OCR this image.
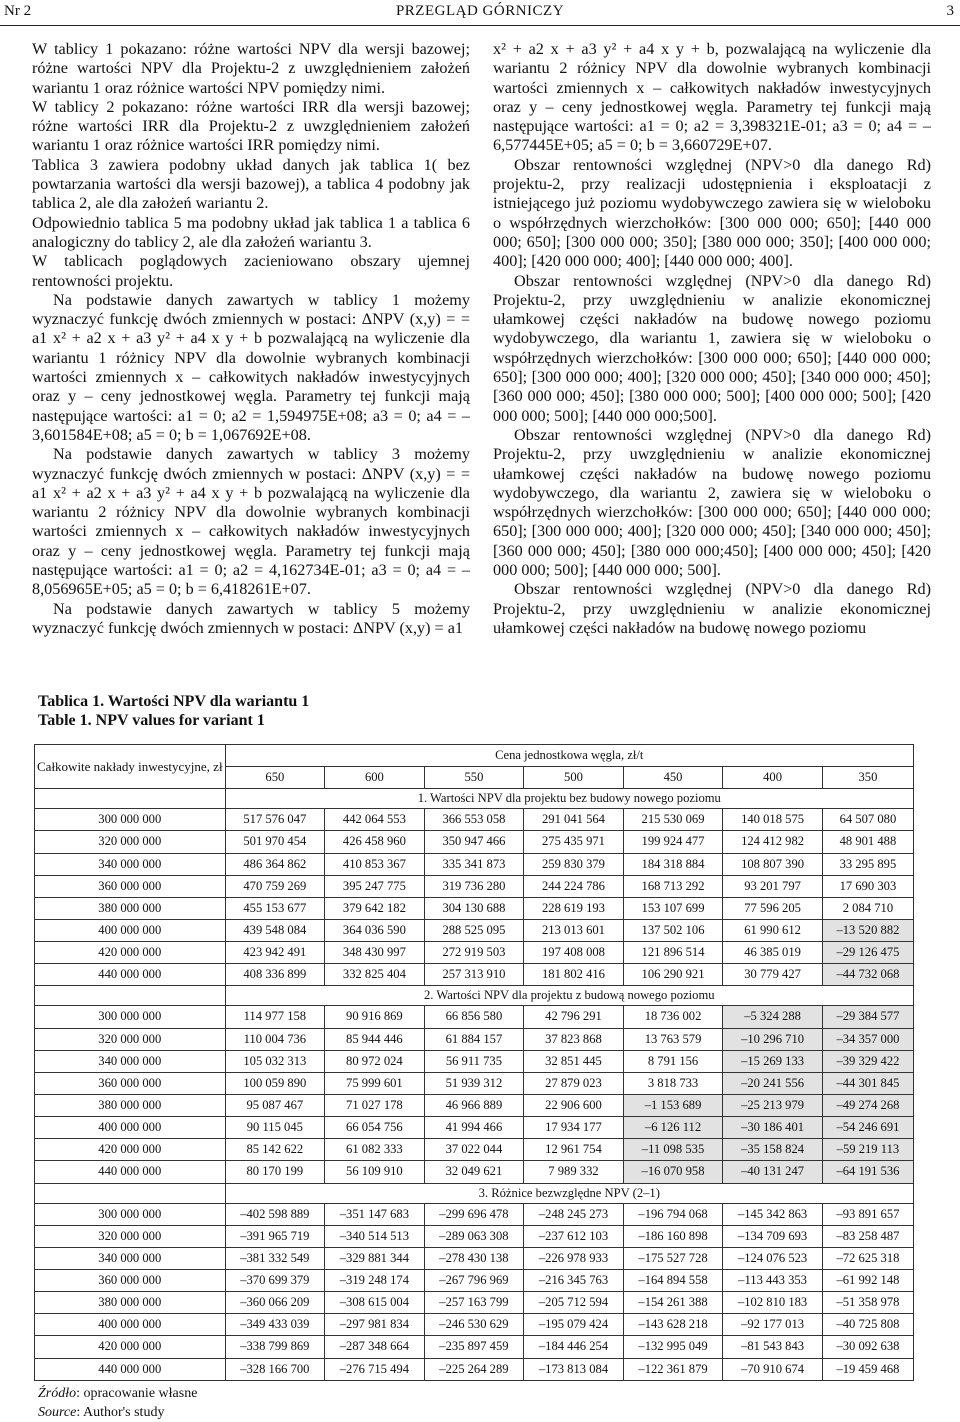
Nr 2	PRZEGLĄD GÓRNICZY	3

W tablicy 1 pokazano: różne wartości NPV dla wersji bazowej; różne wartości NPV dla Projektu-2 z uwzględnieniem założeń wariantu 1 oraz różnice wartości NPV pomiędzy nimi.

W tablicy 2 pokazano: różne wartości IRR dla wersji bazowej; różne wartości IRR dla Projektu-2 z uwzględnieniem założeń wariantu 1 oraz różnice wartości IRR pomiędzy nimi.

Tablica 3 zawiera podobny układ danych jak tablica 1( bez powtarzania wartości dla wersji bazowej), a tablica 4 podobny jak tablica 2, ale dla założeń wariantu 2.

Odpowiednio tablica 5 ma podobny układ jak tablica 1 a tablica 6 analogiczny do tablicy 2, ale dla założeń wariantu 3.

W tablicach poglądowych zacieniowano obszary ujemnej rentowności projektu.

Na podstawie danych zawartych w tablicy 1 możemy wyznaczyć funkcję dwóch zmiennych w postaci: ΔNPV (x,y) = = a1 x² + a2 x + a3 y² + a4 x y + b pozwalającą na wyliczenie dla wariantu 1 różnicy NPV dla dowolnie wybranych kombinacji wartości zmiennych x – całkowitych nakładów inwestycyjnych oraz y – ceny jednostkowej węgla. Parametry tej funkcji mają następujące wartości: a1 = 0; a2 = 1,594975E+08; a3 = 0; a4 = –3,601584E+08; a5 = 0; b = 1,067692E+08.

Na podstawie danych zawartych w tablicy 3 możemy wyznaczyć funkcję dwóch zmiennych w postaci: ΔNPV (x,y) = = a1 x² + a2 x + a3 y² + a4 x y + b pozwalającą na wyliczenie dla wariantu 2 różnicy NPV dla dowolnie wybranych kombinacji wartości zmiennych x – całkowitych nakładów inwestycyjnych oraz y – ceny jednostkowej węgla. Parametry tej funkcji mają następujące wartości: a1 = 0; a2 = 4,162734E-01; a3 = 0; a4 = – 8,056965E+05; a5 = 0; b = 6,418261E+07.

Na podstawie danych zawartych w tablicy 5 możemy wyznaczyć funkcję dwóch zmiennych w postaci: ΔNPV (x,y) = a1

x² + a2 x + a3 y² + a4 x y + b, pozwalającą na wyliczenie dla wariantu 2 różnicy NPV dla dowolnie wybranych kombinacji wartości zmiennych x – całkowitych nakładów inwestycyjnych oraz y – ceny jednostkowej węgla. Parametry tej funkcji mają następujące wartości: a1 = 0; a2 = 3,398321E-01; a3 = 0; a4 = –6,577445E+05; a5 = 0; b = 3,660729E+07.

Obszar rentowności względnej (NPV>0 dla danego Rd) projektu-2, przy realizacji udostępnienia i eksploatacji z istniejącego już poziomu wydobywczego zawiera się w wieloboku o współrzędnych wierzchołków: [300 000 000; 650]; [440 000 000; 650]; [300 000 000; 350]; [380 000 000; 350]; [400 000 000; 400]; [420 000 000; 400]; [440 000 000; 400].

Obszar rentowności względnej (NPV>0 dla danego Rd) Projektu-2, przy uwzględnieniu w analizie ekonomicznej ułamkowej części nakładów na budowę nowego poziomu wydobywczego, dla wariantu 1, zawiera się w wieloboku o współrzędnych wierzchołków: [300 000 000; 650]; [440 000 000; 650]; [300 000 000; 400]; [320 000 000; 450]; [340 000 000; 450]; [360 000 000; 450]; [380 000 000; 500]; [400 000 000; 500]; [420 000 000; 500]; [440 000 000;500].

Obszar rentowności względnej (NPV>0 dla danego Rd) Projektu-2, przy uwzględnieniu w analizie ekonomicznej ułamkowej części nakładów na budowę nowego poziomu wydobywczego, dla wariantu 2, zawiera się w wieloboku o współrzędnych wierzchołków: [300 000 000; 650]; [440 000 000; 650]; [300 000 000; 400]; [320 000 000; 450]; [340 000 000; 450]; [360 000 000; 450]; [380 000 000;450]; [400 000 000; 450]; [420 000 000; 500]; [440 000 000; 500].

Obszar rentowności względnej (NPV>0 dla danego Rd) Projektu-2, przy uwzględnieniu w analizie ekonomicznej ułamkowej części nakładów na budowę nowego poziomu

Tablica 1. Wartości NPV dla wariantu 1
Table 1. NPV values for variant 1
Całkowite nakłady inwestycyjne, zł	Cena jednostkowa węgla, zł/t						
	650	600	550	500	450	400	350
	1. Wartości NPV dla projektu bez budowy nowego poziomu						
300 000 000	517 576 047	442 064 553	366 553 058	291 041 564	215 530 069	140 018 575	64 507 080
320 000 000	501 970 454	426 458 960	350 947 466	275 435 971	199 924 477	124 412 982	48 901 488
340 000 000	486 364 862	410 853 367	335 341 873	259 830 379	184 318 884	108 807 390	33 295 895
360 000 000	470 759 269	395 247 775	319 736 280	244 224 786	168 713 292	93 201 797	17 690 303
380 000 000	455 153 677	379 642 182	304 130 688	228 619 193	153 107 699	77 596 205	2 084 710
400 000 000	439 548 084	364 036 590	288 525 095	213 013 601	137 502 106	61 990 612	–13 520 882
420 000 000	423 942 491	348 430 997	272 919 503	197 408 008	121 896 514	46 385 019	–29 126 475
440 000 000	408 336 899	332 825 404	257 313 910	181 802 416	106 290 921	30 779 427	–44 732 068
	2. Wartości NPV dla projektu z budową nowego poziomu						
300 000 000	114 977 158	90 916 869	66 856 580	42 796 291	18 736 002	–5 324 288	–29 384 577
320 000 000	110 004 736	85 944 446	61 884 157	37 823 868	13 763 579	–10 296 710	–34 357 000
340 000 000	105 032 313	80 972 024	56 911 735	32 851 445	8 791 156	–15 269 133	–39 329 422
360 000 000	100 059 890	75 999 601	51 939 312	27 879 023	3 818 733	–20 241 556	–44 301 845
380 000 000	95 087 467	71 027 178	46 966 889	22 906 600	–1 153 689	–25 213 979	–49 274 268
400 000 000	90 115 045	66 054 756	41 994 466	17 934 177	–6 126 112	–30 186 401	–54 246 691
420 000 000	85 142 622	61 082 333	37 022 044	12 961 754	–11 098 535	–35 158 824	–59 219 113
440 000 000	80 170 199	56 109 910	32 049 621	7 989 332	–16 070 958	–40 131 247	–64 191 536
	3. Różnice bezwzględne NPV (2–1)						
300 000 000	–402 598 889	–351 147 683	–299 696 478	–248 245 273	–196 794 068	–145 342 863	–93 891 657
320 000 000	–391 965 719	–340 514 513	–289 063 308	–237 612 103	–186 160 898	–134 709 693	–83 258 487
340 000 000	–381 332 549	–329 881 344	–278 430 138	–226 978 933	–175 527 728	–124 076 523	–72 625 318
360 000 000	–370 699 379	–319 248 174	–267 796 969	–216 345 763	–164 894 558	–113 443 353	–61 992 148
380 000 000	–360 066 209	–308 615 004	–257 163 799	–205 712 594	–154 261 388	–102 810 183	–51 358 978
400 000 000	–349 433 039	–297 981 834	–246 530 629	–195 079 424	–143 628 218	–92 177 013	–40 725 808
420 000 000	–338 799 869	–287 348 664	–235 897 459	–184 446 254	–132 995 049	–81 543 843	–30 092 638
440 000 000	–328 166 700	–276 715 494	–225 264 289	–173 813 084	–122 361 879	–70 910 674	–19 459 468
Źródło: opracowanie własne
Source: Author's study
